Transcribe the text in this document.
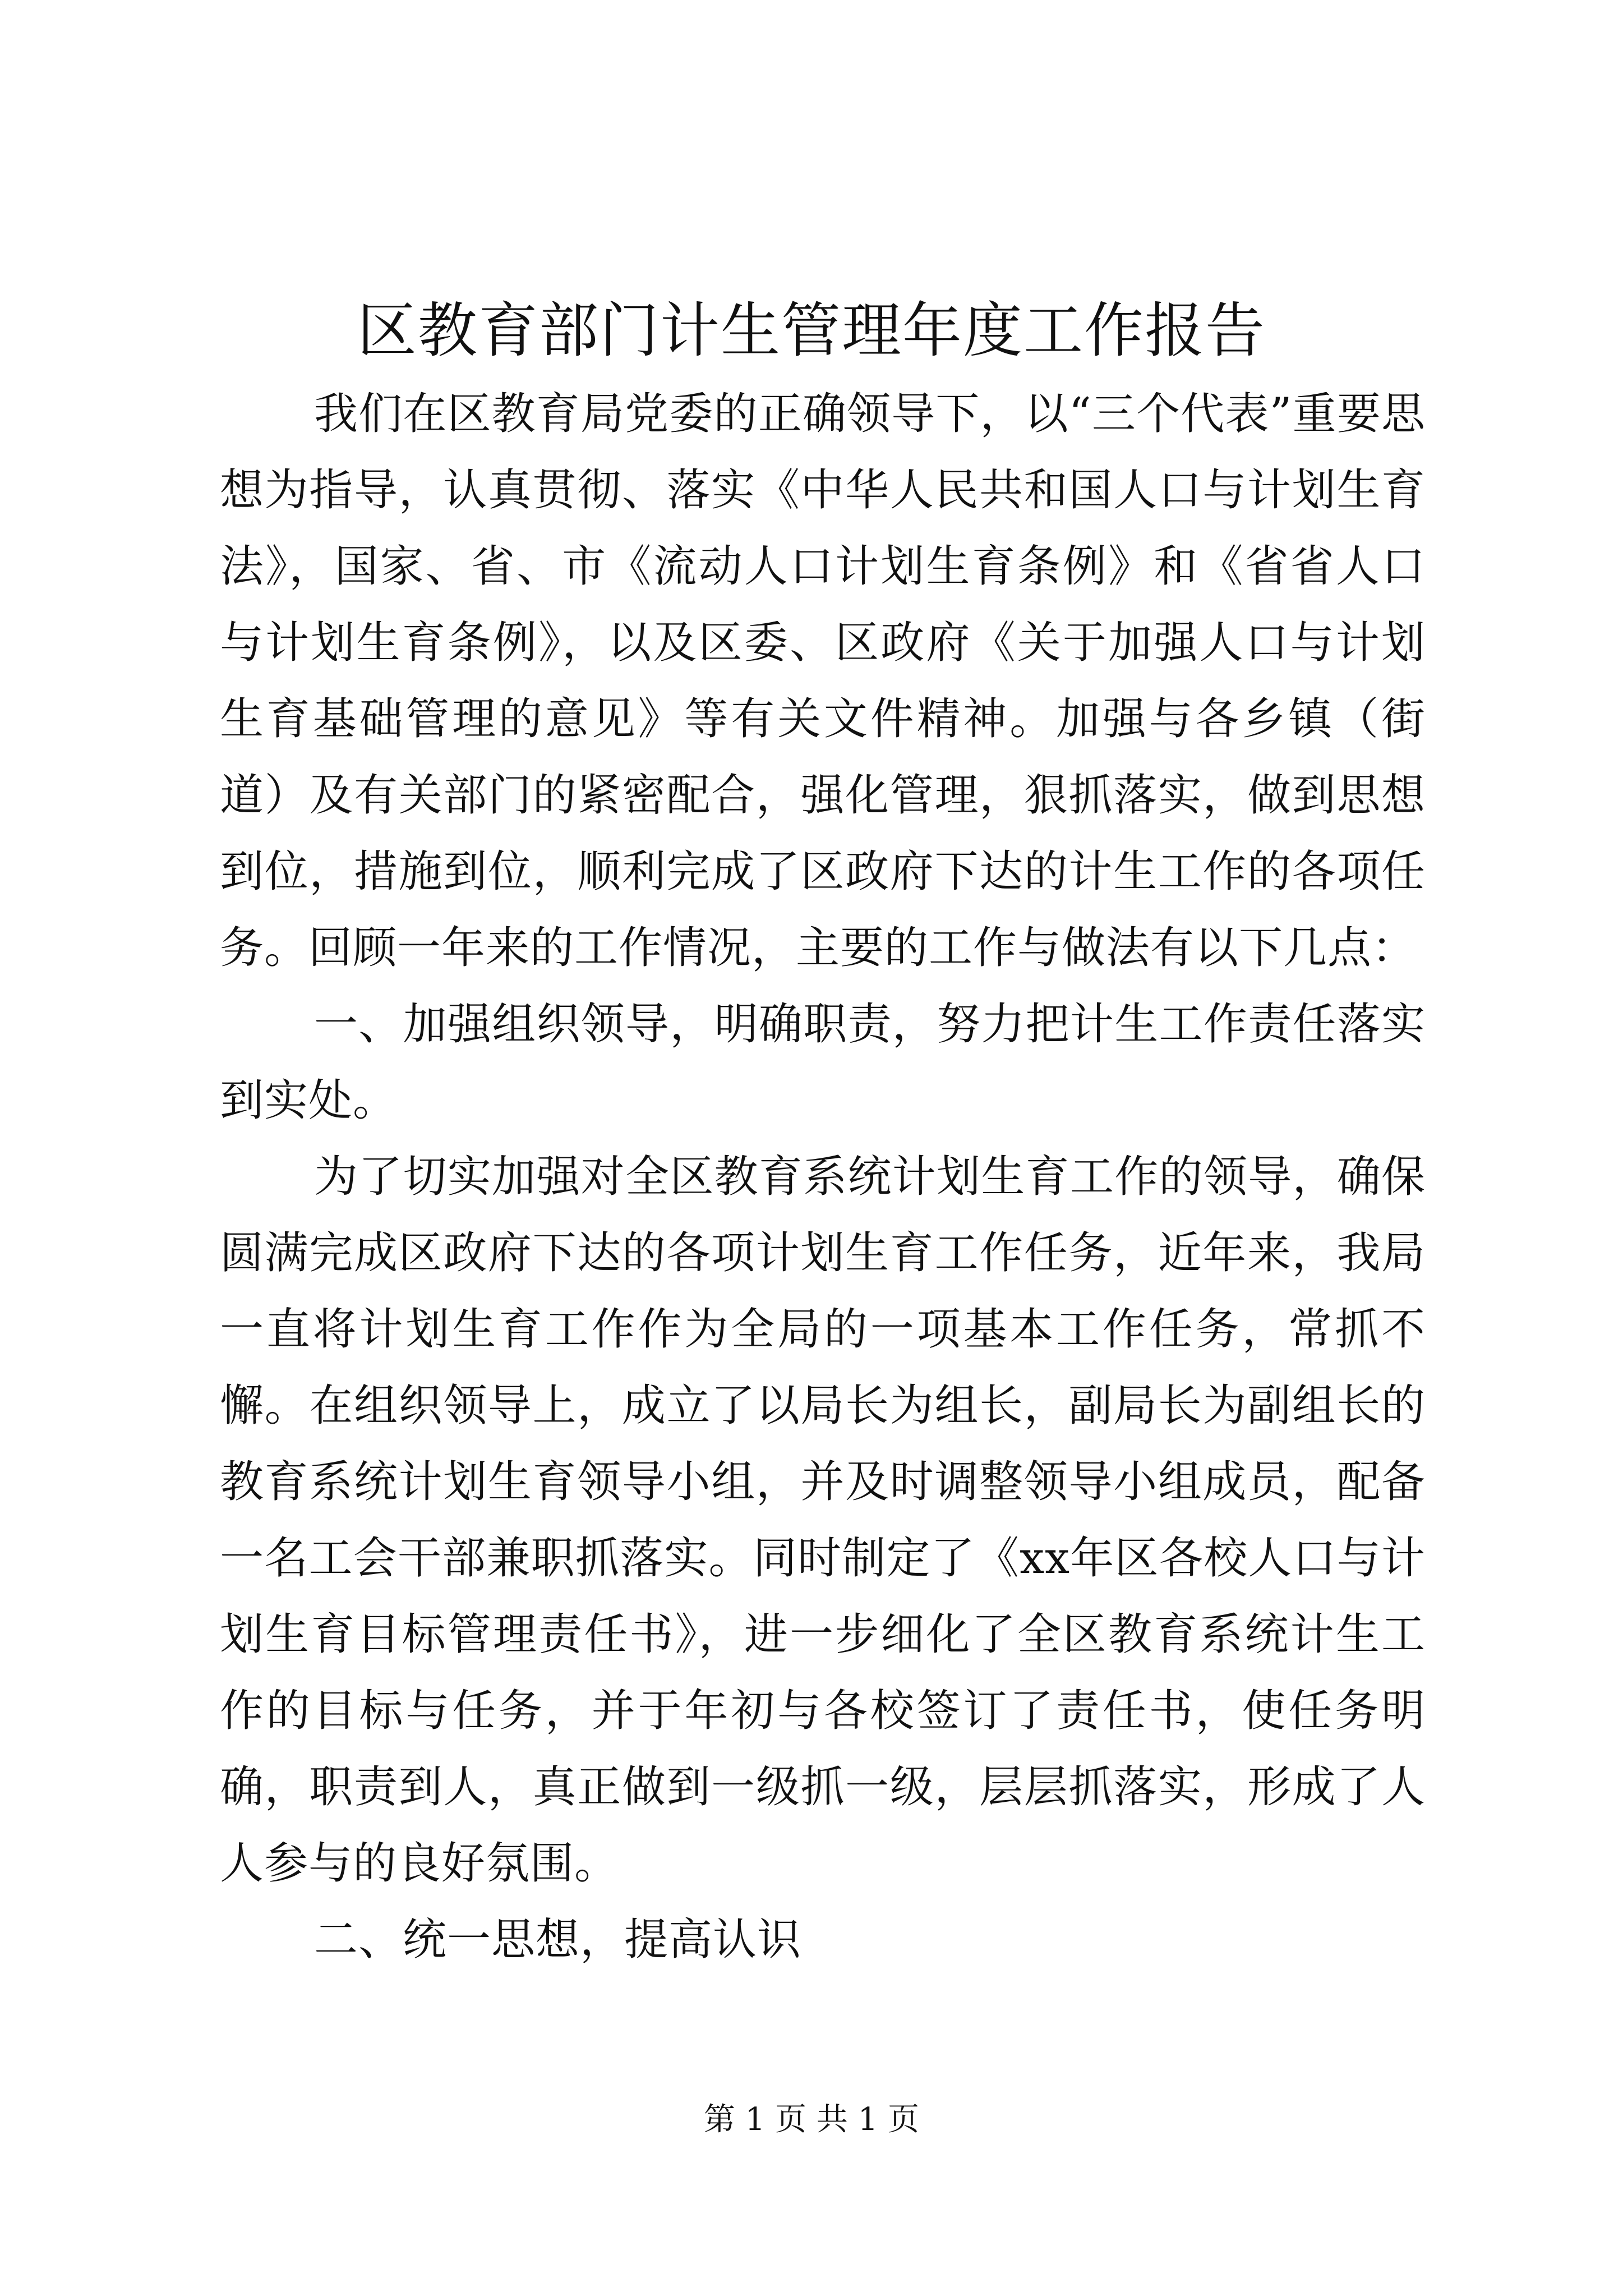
区教育部门计生管理年度工作报告

我们在区教育局党委的正确领导下，以“三个代表”重要思想为指导，认真贯彻、落实《中华人民共和国人口与计划生育法》，国家、省、市《流动人口计划生育条例》和《省省人口与计划生育条例》，以及区委、区政府《关于加强人口与计划生育基础管理的意见》等有关文件精神。加强与各乡镇（街道）及有关部门的紧密配合，强化管理，狠抓落实，做到思想到位，措施到位，顺利完成了区政府下达的计生工作的各项任务。回顾一年来的工作情况，主要的工作与做法有以下几点：

一、加强组织领导，明确职责，努力把计生工作责任落实到实处。

为了切实加强对全区教育系统计划生育工作的领导，确保圆满完成区政府下达的各项计划生育工作任务，近年来，我局一直将计划生育工作作为全局的一项基本工作任务，常抓不懈。在组织领导上，成立了以局长为组长，副局长为副组长的教育系统计划生育领导小组，并及时调整领导小组成员，配备一名工会干部兼职抓落实。同时制定了《xx年区各校人口与计划生育目标管理责任书》，进一步细化了全区教育系统计生工作的目标与任务，并于年初与各校签订了责任书，使任务明确，职责到人，真正做到一级抓一级，层层抓落实，形成了人人参与的良好氛围。

二、统一思想，提高认识

第 1 页 共 1 页
